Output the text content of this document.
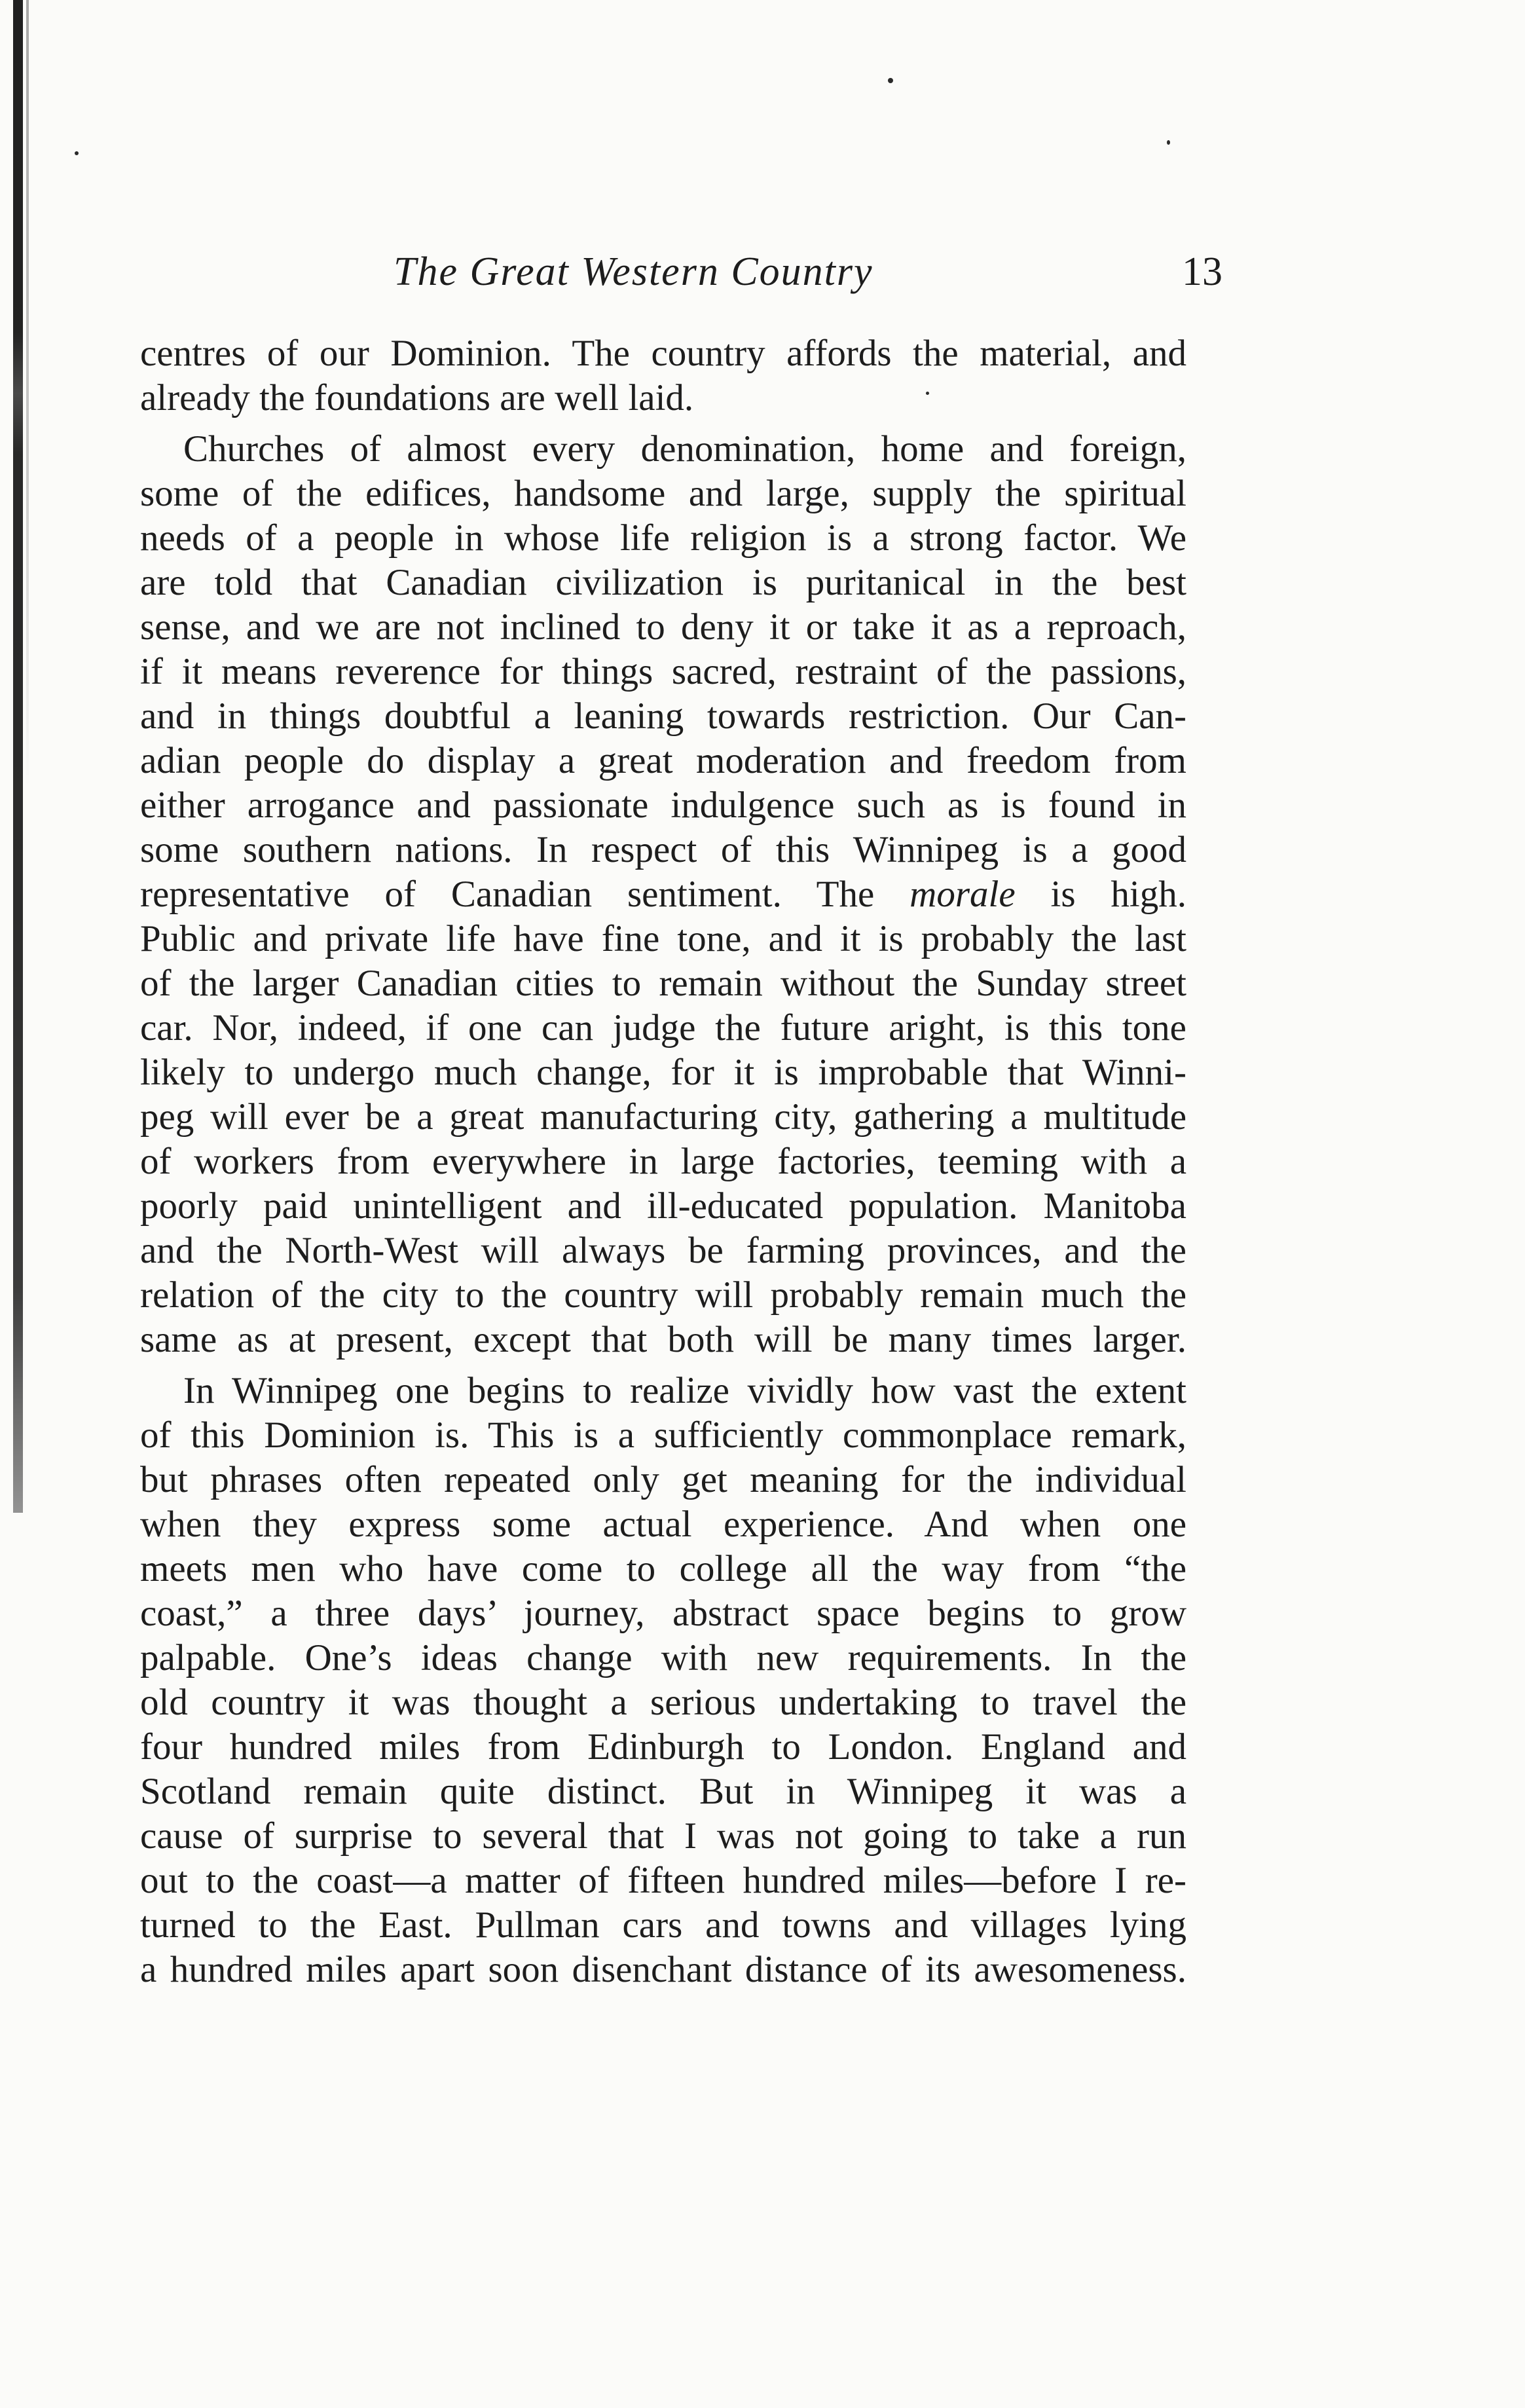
The Great Western Country	13
centres of our Dominion. The country affords the material, and
already the foundations are well laid.
Churches of almost every denomination, home and foreign,
some of the edifices, handsome and large, supply the spiritual
needs of a people in whose life religion is a strong factor. We
are told that Canadian civilization is puritanical in the best
sense, and we are not inclined to deny it or take it as a reproach,
if it means reverence for things sacred, restraint of the passions,
and in things doubtful a leaning towards restriction. Our Can-
adian people do display a great moderation and freedom from
either arrogance and passionate indulgence such as is found in
some southern nations. In respect of this Winnipeg is a good
representative of Canadian sentiment. The morale is high.
Public and private life have fine tone, and it is probably the last
of the larger Canadian cities to remain without the Sunday street
car. Nor, indeed, if one can judge the future aright, is this tone
likely to undergo much change, for it is improbable that Winni-
peg will ever be a great manufacturing city, gathering a multitude
of workers from everywhere in large factories, teeming with a
poorly paid unintelligent and ill-educated population. Manitoba
and the North-West will always be farming provinces, and the
relation of the city to the country will probably remain much the
same as at present, except that both will be many times larger.
In Winnipeg one begins to realize vividly how vast the extent
of this Dominion is. This is a sufficiently commonplace remark,
but phrases often repeated only get meaning for the individual
when they express some actual experience. And when one
meets men who have come to college all the way from “the
coast,” a three days’ journey, abstract space begins to grow
palpable. One’s ideas change with new requirements. In the
old country it was thought a serious undertaking to travel the
four hundred miles from Edinburgh to London. England and
Scotland remain quite distinct. But in Winnipeg it was a
cause of surprise to several that I was not going to take a run
out to the coast—a matter of fifteen hundred miles—before I re-
turned to the East. Pullman cars and towns and villages lying
a hundred miles apart soon disenchant distance of its awesomeness.
